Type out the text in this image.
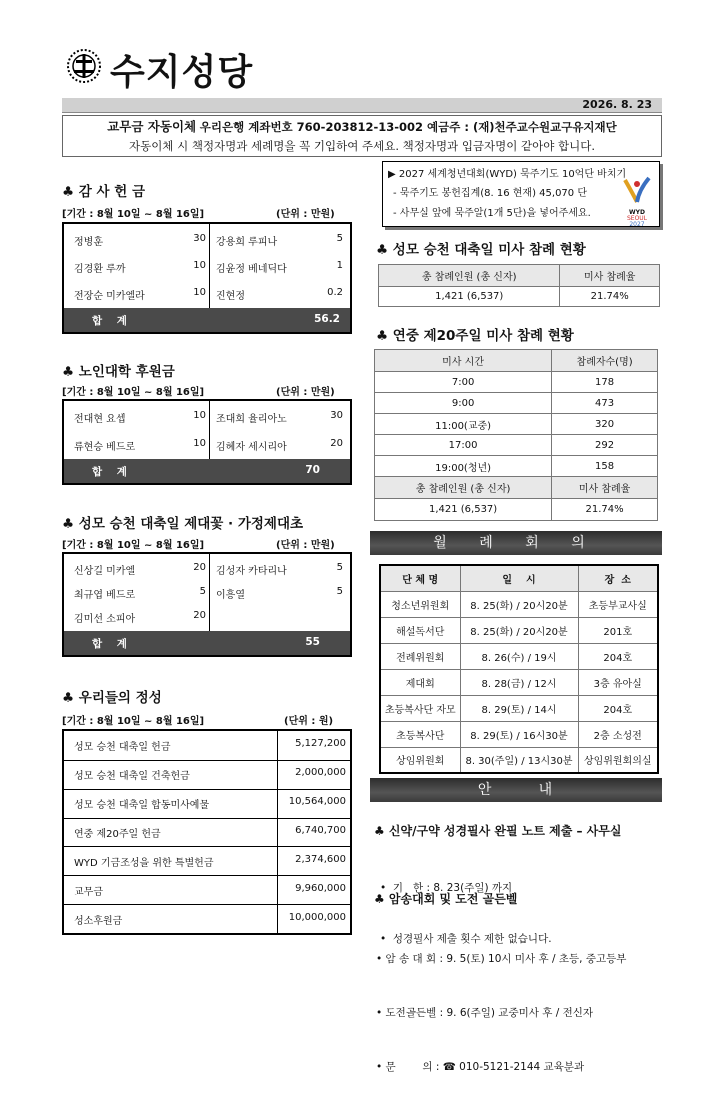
수지성당
2026. 8. 23
교무금 자동이체 우리은행 계좌번호 760-203812-13-002 예금주 : (재)천주교수원교구유지재단
자동이체 시 책정자명과 세례명을 꼭 기입하여 주세요. 책정자명과 입금자명이 같아야 합니다.
♣ 감 사 헌 금
[기간 : 8월 10일 ~ 8월 16일]	(단위 : 만원)
정병훈	30 강용희 루피나	5
김경환 루까	10 김윤정 베네딕다	1
전장순 미카엘라	10 진현정	0.2
합    계	56.2
♣ 노인대학 후원금
[기간 : 8월 10일 ~ 8월 16일]	(단위 : 만원)
전대현 요셉	10 조대희 율리아노	30
류현승 베드로	10 김혜자 세시리아	20
합    계	70
♣ 성모 승천 대축일 제대꽃 · 가정제대초
[기간 : 8월 10일 ~ 8월 16일]	(단위 : 만원)
신상길 미카엘	20 김성자 카타리나	5
최규엽 베드로	5 이흥열	5
김미선 소피아	20
합    계	55
♣ 우리들의 정성
[기간 : 8월 10일 ~ 8월 16일]	(단위 : 원)
성모 승천 대축일 헌금	5,127,200
성모 승천 대축일 건축헌금	2,000,000
성모 승천 대축일 합동미사예물	10,564,000
연중 제20주일 헌금	6,740,700
WYD 기금조성을 위한 특별헌금	2,374,600
교무금	9,960,000
성소후원금	10,000,000
▶ 2027 세계청년대회(WYD) 묵주기도 10억단 바치기
- 묵주기도 봉헌집계(8. 16 현재) 45,070 단
- 사무실 앞에 묵주알(1개 5단)을 넣어주세요.	WYD
SEOUL
2027
♣ 성모 승천 대축일 미사 참례 현황
총 참례인원 (총 신자)	미사 참례율
1,421 (6,537)	21.74%
♣ 연중 제20주일 미사 참례 현황
미사 시간	참례자수(명)
7:00	178
9:00	473
11:00(교중)	320
17:00	292
19:00(청년)	158
총 참례인원 (총 신자)	미사 참례율
1,421 (6,537)	21.74%
월 례 회 의
단 체 명	일    시	장  소
청소년위원회	8. 25(화) / 20시20분	초등부교사실
해설독서단	8. 25(화) / 20시20분	201호
전례위원회	8. 26(수) / 19시	204호
제대회	8. 28(금) / 12시	3층 유아실
초등복사단 자모	8. 29(토) / 14시	204호
초등복사단	8. 29(토) / 16시30분	2층 소성전
상임위원회	8. 30(주일) / 13시30분	상임위원회의실
안       내
♣ 신약/구약 성경필사 완필 노트 제출 – 사무실

•  기   한 : 8. 23(주일) 까지

•  성경필사 제출 횟수 제한 없습니다.

♣ 암송대회 및 도전 골든벨

• 암 송 대 회 : 9. 5(토) 10시 미사 후 / 초등, 중고등부

• 도전골든벨 : 9. 6(주일) 교중미사 후 / 전신자

• 문        의 : ☎ 010-5121-2144 교육분과
